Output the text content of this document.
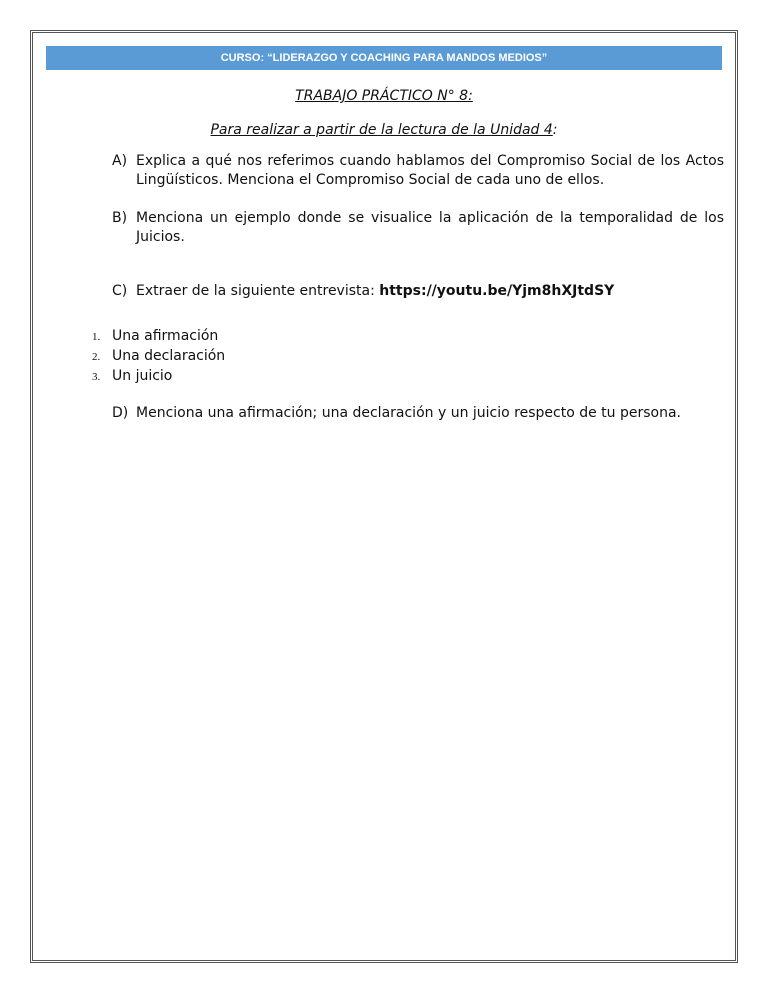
CURSO: “LIDERAZGO Y COACHING PARA MANDOS MEDIOS”
TRABAJO PRÁCTICO N° 8:
Para realizar a partir de la lectura de la Unidad 4:
A) Explica a qué nos referimos cuando hablamos del Compromiso Social de los Actos Lingüísticos. Menciona el Compromiso Social de cada uno de ellos.
B) Menciona un ejemplo donde se visualice la aplicación de la temporalidad de los Juicios.
C) Extraer de la siguiente entrevista: https://youtu.be/Yjm8hXJtdSY
1. Una afirmación
2. Una declaración
3. Un juicio
D) Menciona una afirmación; una declaración y un juicio respecto de tu persona.
